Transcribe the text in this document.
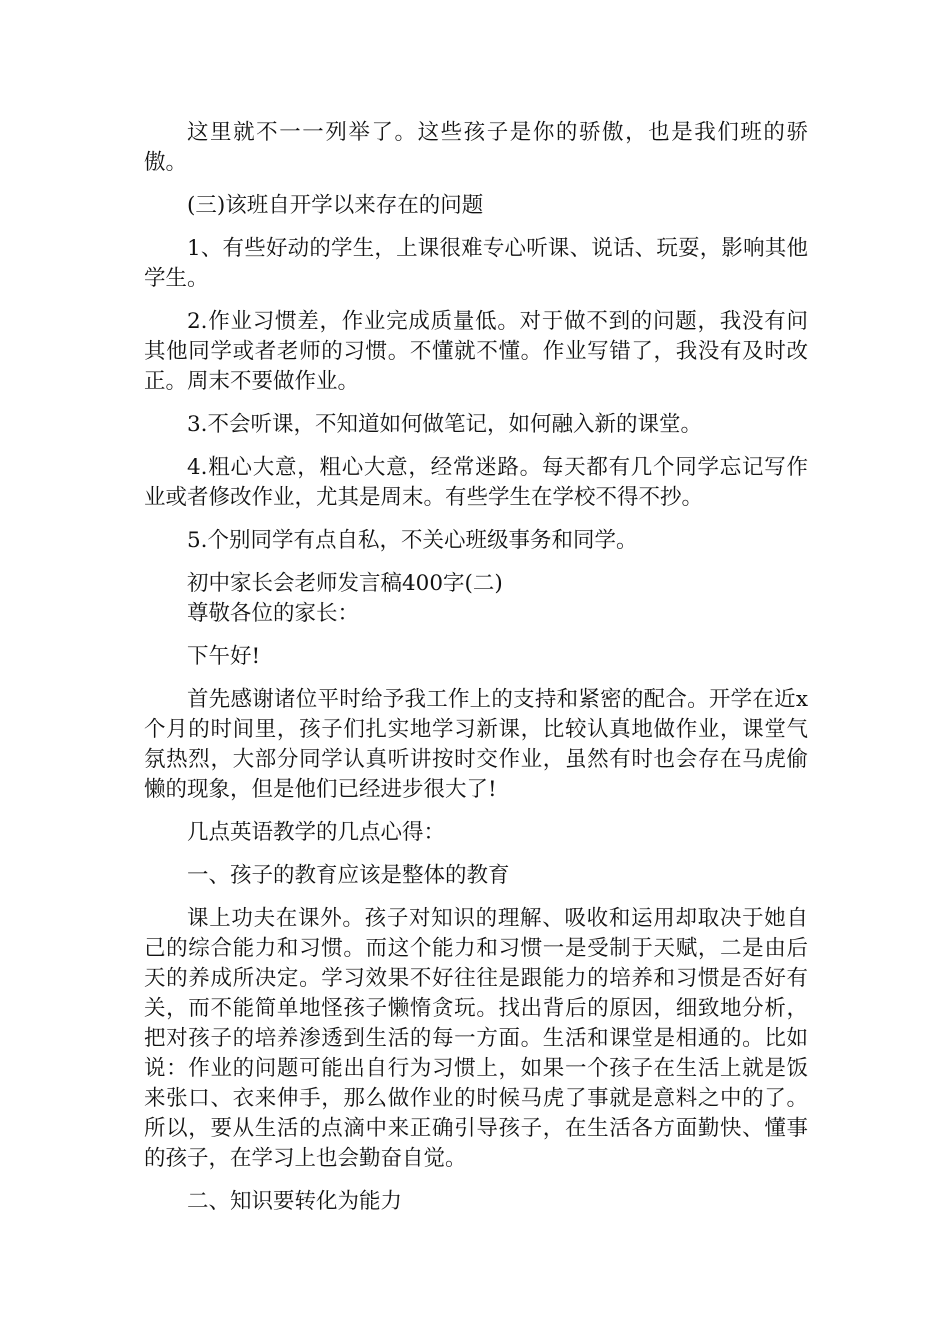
这里就不一一列举了。这些孩子是你的骄傲，也是我们班的骄傲。

(三)该班自开学以来存在的问题

1、有些好动的学生，上课很难专心听课、说话、玩耍，影响其他学生。

2.作业习惯差，作业完成质量低。对于做不到的问题，我没有问其他同学或者老师的习惯。不懂就不懂。作业写错了，我没有及时改正。周末不要做作业。

3.不会听课，不知道如何做笔记，如何融入新的课堂。

4.粗心大意，粗心大意，经常迷路。每天都有几个同学忘记写作业或者修改作业，尤其是周末。有些学生在学校不得不抄。

5.个别同学有点自私，不关心班级事务和同学。

初中家长会老师发言稿400字(二)

尊敬各位的家长：

下午好!

首先感谢诸位平时给予我工作上的支持和紧密的配合。开学在近x个月的时间里，孩子们扎实地学习新课，比较认真地做作业，课堂气氛热烈，大部分同学认真听讲按时交作业，虽然有时也会存在马虎偷懒的现象，但是他们已经进步很大了!

几点英语教学的几点心得：

一、孩子的教育应该是整体的教育

课上功夫在课外。孩子对知识的理解、吸收和运用却取决于她自己的综合能力和习惯。而这个能力和习惯一是受制于天赋，二是由后天的养成所决定。学习效果不好往往是跟能力的培养和习惯是否好有关，而不能简单地怪孩子懒惰贪玩。找出背后的原因，细致地分析，把对孩子的培养渗透到生活的每一方面。生活和课堂是相通的。比如说：作业的问题可能出自行为习惯上，如果一个孩子在生活上就是饭来张口、衣来伸手，那么做作业的时候马虎了事就是意料之中的了。所以，要从生活的点滴中来正确引导孩子，在生活各方面勤快、懂事的孩子，在学习上也会勤奋自觉。

二、知识要转化为能力
